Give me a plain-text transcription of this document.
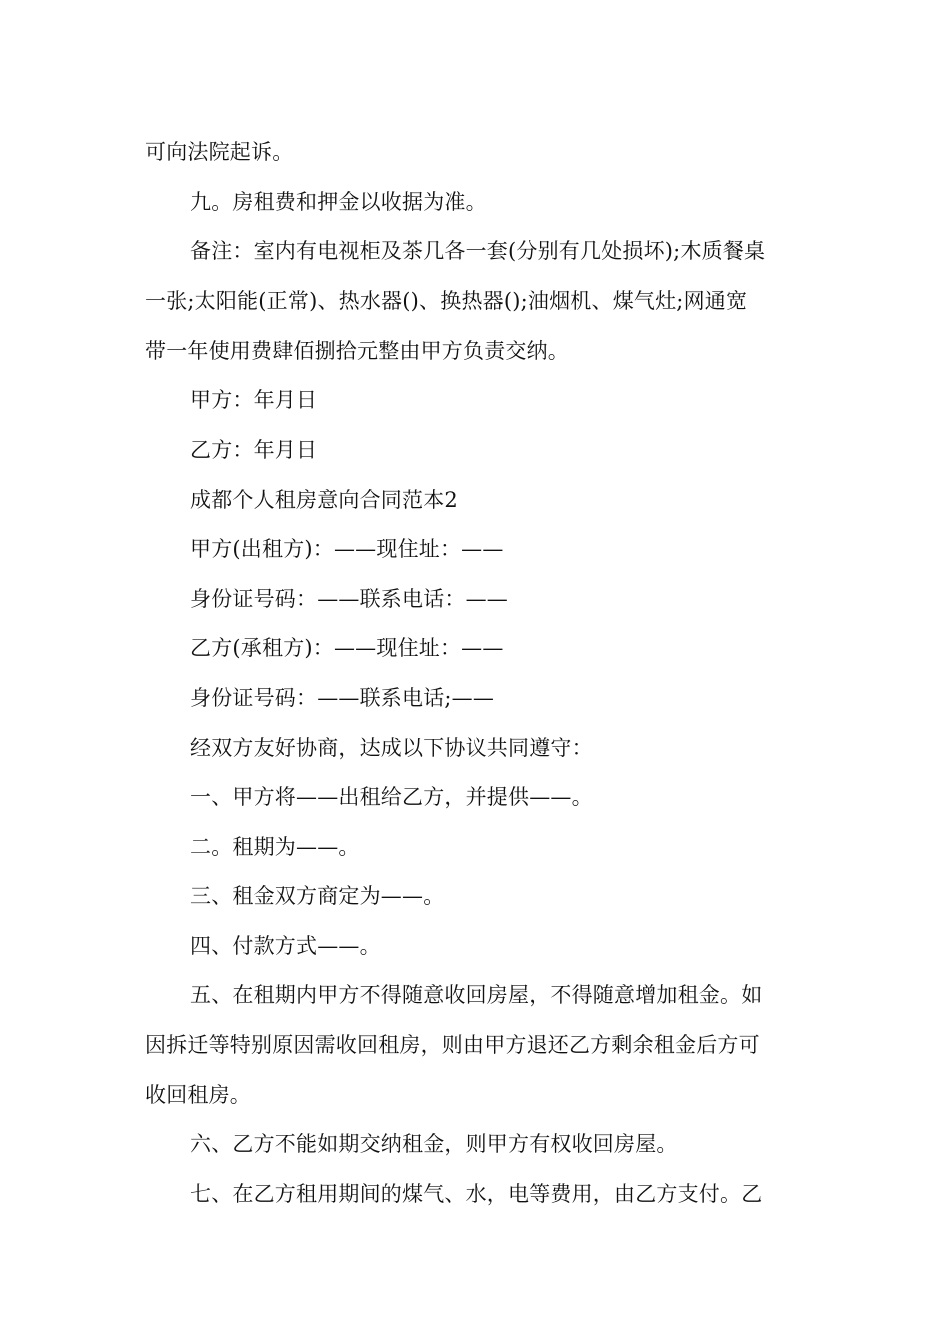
可向法院起诉。
九。房租费和押金以收据为准。
备注：室内有电视柜及茶几各一套(分别有几处损坏);木质餐桌
一张;太阳能(正常)、热水器()、换热器();油烟机、煤气灶;网通宽
带一年使用费肆佰捌拾元整由甲方负责交纳。
甲方：年月日
乙方：年月日
成都个人租房意向合同范本2
甲方(出租方)：——现住址：——
身份证号码：——联系电话：——
乙方(承租方)：——现住址：——
身份证号码：——联系电话;——
经双方友好协商，达成以下协议共同遵守：
一、甲方将——出租给乙方，并提供——。
二。租期为——。
三、租金双方商定为——。
四、付款方式——。
五、在租期内甲方不得随意收回房屋，不得随意增加租金。如
因拆迁等特别原因需收回租房，则由甲方退还乙方剩余租金后方可
收回租房。
六、乙方不能如期交纳租金，则甲方有权收回房屋。
七、在乙方租用期间的煤气、水，电等费用，由乙方支付。乙
